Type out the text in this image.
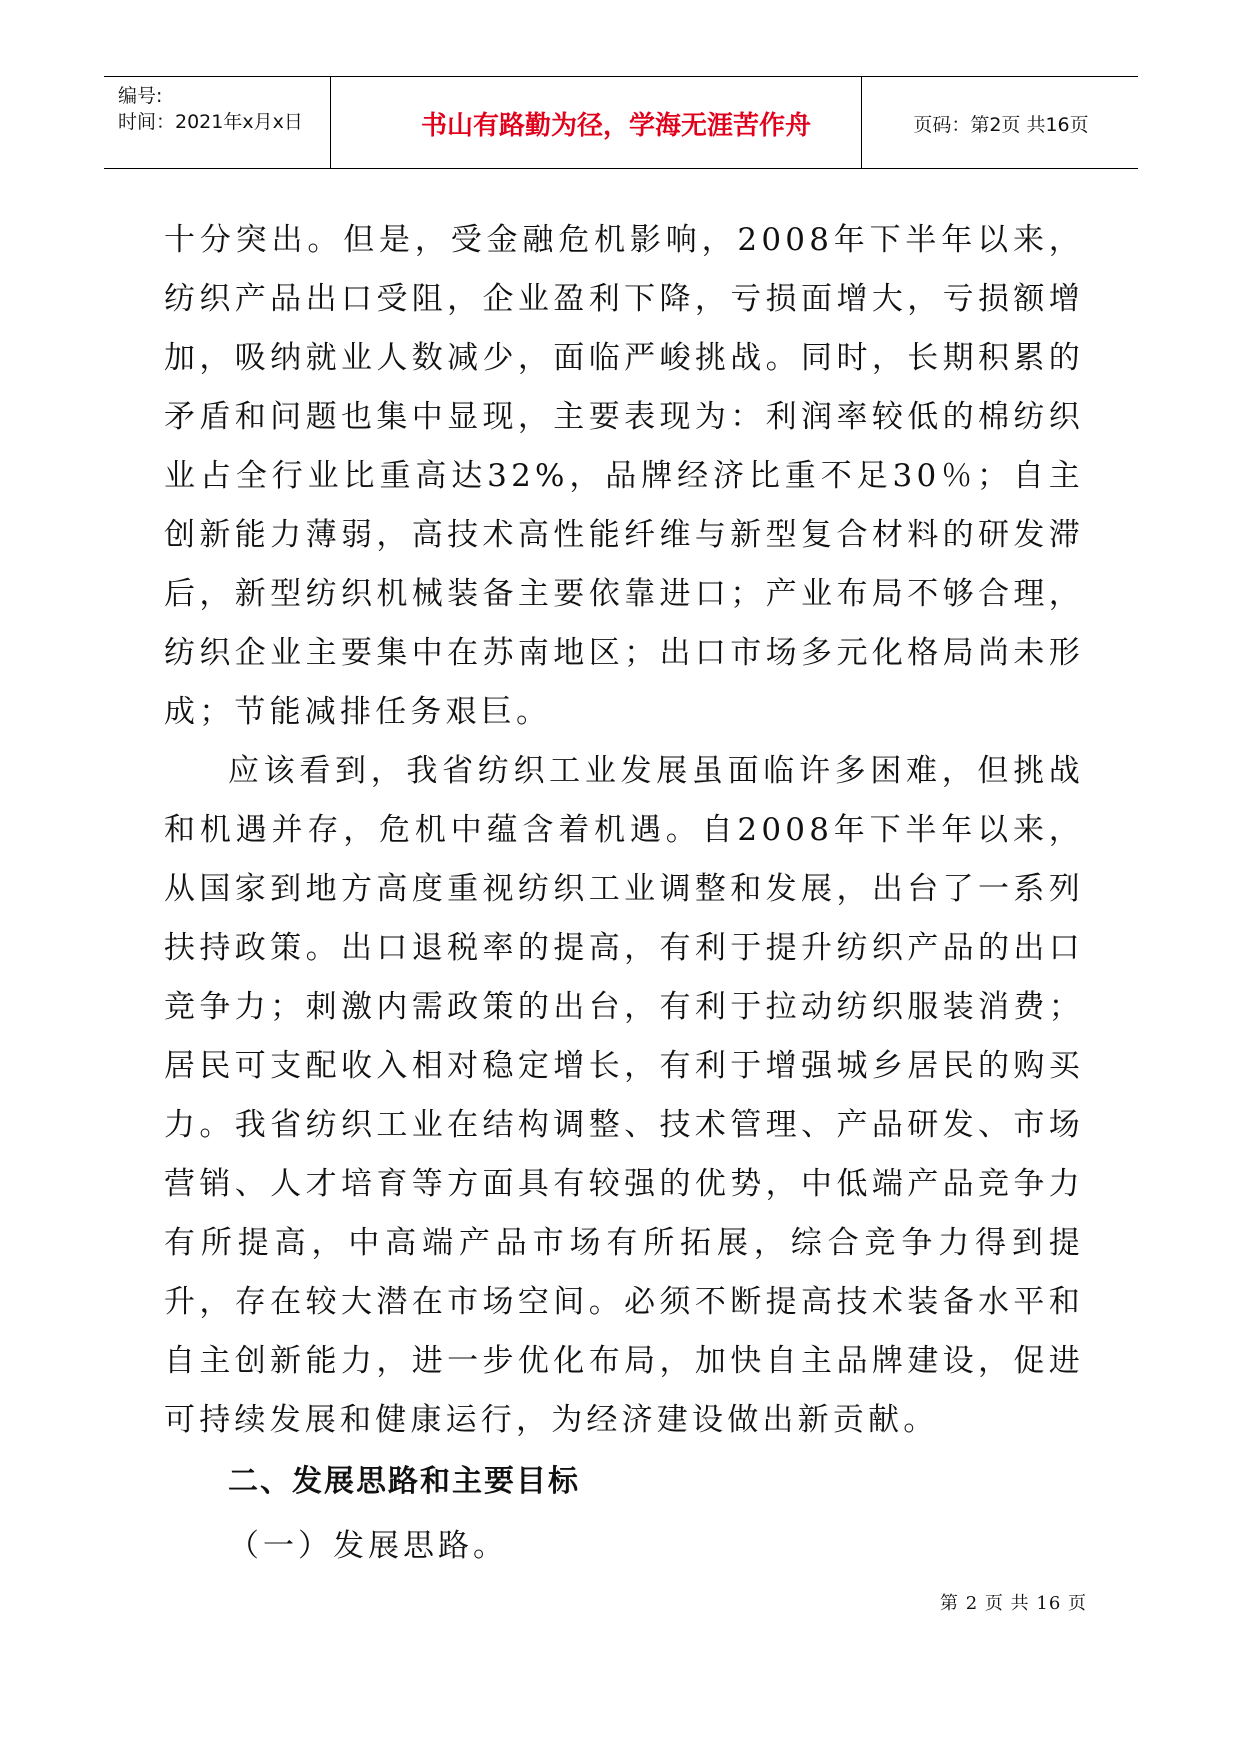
编号:
时间：2021年x月x日	书山有路勤为径，学海无涯苦作舟	页码：第2页 共16页

十分突出。但是，受金融危机影响，2008年下半年以来，纺织产品出口受阻，企业盈利下降，亏损面增大，亏损额增加，吸纳就业人数减少，面临严峻挑战。同时，长期积累的矛盾和问题也集中显现，主要表现为：利润率较低的棉纺织业占全行业比重高达32%，品牌经济比重不足30％；自主创新能力薄弱，高技术高性能纤维与新型复合材料的研发滞后，新型纺织机械装备主要依靠进口；产业布局不够合理，纺织企业主要集中在苏南地区；出口市场多元化格局尚未形成；节能减排任务艰巨。

应该看到，我省纺织工业发展虽面临许多困难，但挑战和机遇并存，危机中蕴含着机遇。自2008年下半年以来，从国家到地方高度重视纺织工业调整和发展，出台了一系列扶持政策。出口退税率的提高，有利于提升纺织产品的出口竞争力；刺激内需政策的出台，有利于拉动纺织服装消费；居民可支配收入相对稳定增长，有利于增强城乡居民的购买力。我省纺织工业在结构调整、技术管理、产品研发、市场营销、人才培育等方面具有较强的优势，中低端产品竞争力有所提高，中高端产品市场有所拓展，综合竞争力得到提升，存在较大潜在市场空间。必须不断提高技术装备水平和自主创新能力，进一步优化布局，加快自主品牌建设，促进可持续发展和健康运行，为经济建设做出新贡献。

二、发展思路和主要目标

（一）发展思路。

第 2 页 共 16 页
